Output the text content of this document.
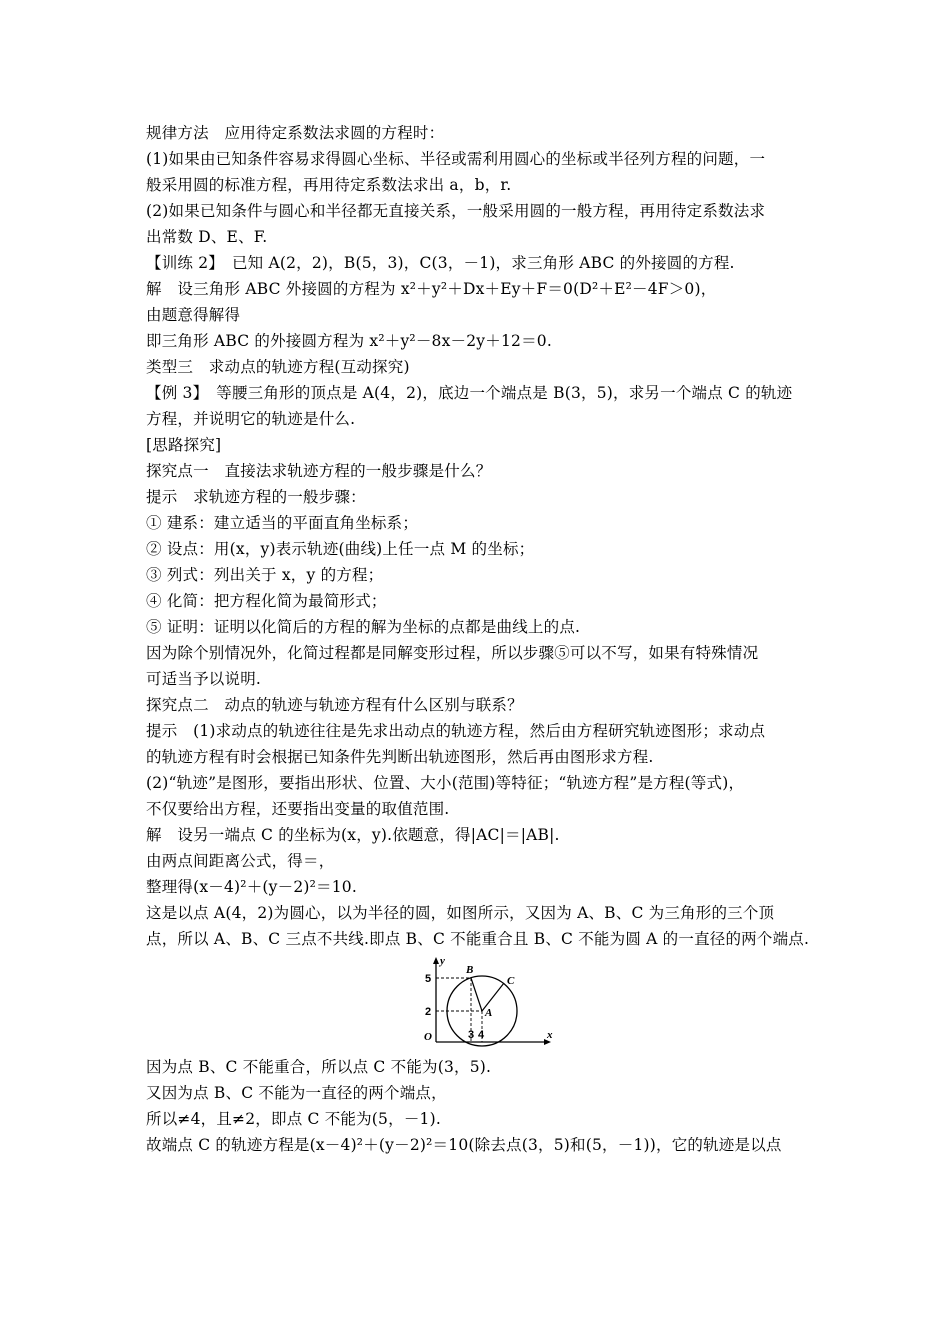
规律方法　应用待定系数法求圆的方程时：
(1)如果由已知条件容易求得圆心坐标、半径或需利用圆心的坐标或半径列方程的问题，一
般采用圆的标准方程，再用待定系数法求出 a，b，r.
(2)如果已知条件与圆心和半径都无直接关系，一般采用圆的一般方程，再用待定系数法求
出常数 D、E、F.
【训练 2】　已知 A(2，2)，B(5，3)，C(3，－1)，求三角形 ABC 的外接圆的方程.
解　设三角形 ABC 外接圆的方程为 x²＋y²＋Dx＋Ey＋F＝0(D²＋E²－4F＞0)，
由题意得解得
即三角形 ABC 的外接圆方程为 x²＋y²－8x－2y＋12＝0.
类型三　求动点的轨迹方程(互动探究)
【例 3】　等腰三角形的顶点是 A(4，2)，底边一个端点是 B(3，5)，求另一个端点 C 的轨迹
方程，并说明它的轨迹是什么.
[思路探究]
探究点一　直接法求轨迹方程的一般步骤是什么？
提示　求轨迹方程的一般步骤：
① 建系：建立适当的平面直角坐标系；
② 设点：用(x，y)表示轨迹(曲线)上任一点 M 的坐标；
③ 列式：列出关于 x，y 的方程；
④ 化简：把方程化简为最简形式；
⑤ 证明：证明以化简后的方程的解为坐标的点都是曲线上的点.
因为除个别情况外，化简过程都是同解变形过程，所以步骤⑤可以不写，如果有特殊情况
可适当予以说明.
探究点二　动点的轨迹与轨迹方程有什么区别与联系？
提示　(1)求动点的轨迹往往是先求出动点的轨迹方程，然后由方程研究轨迹图形；求动点
的轨迹方程有时会根据已知条件先判断出轨迹图形，然后再由图形求方程.
(2)“轨迹”是图形，要指出形状、位置、大小(范围)等特征；“轨迹方程”是方程(等式)，
不仅要给出方程，还要指出变量的取值范围.
解　设另一端点 C 的坐标为(x，y).依题意，得|AC|＝|AB|.
由两点间距离公式，得＝，
整理得(x－4)²＋(y－2)²＝10.
这是以点 A(4，2)为圆心，以为半径的圆，如图所示，又因为 A、B、C 为三角形的三个顶
点，所以 A、B、C 三点不共线.即点 B、C 不能重合且 B、C 不能为圆 A 的一直径的两个端点.
y
x
O
5
2
3 4
B
A
C
因为点 B、C 不能重合，所以点 C 不能为(3，5).
又因为点 B、C 不能为一直径的两个端点，
所以≠4，且≠2，即点 C 不能为(5，－1).
故端点 C 的轨迹方程是(x－4)²＋(y－2)²＝10(除去点(3，5)和(5，－1))，它的轨迹是以点
